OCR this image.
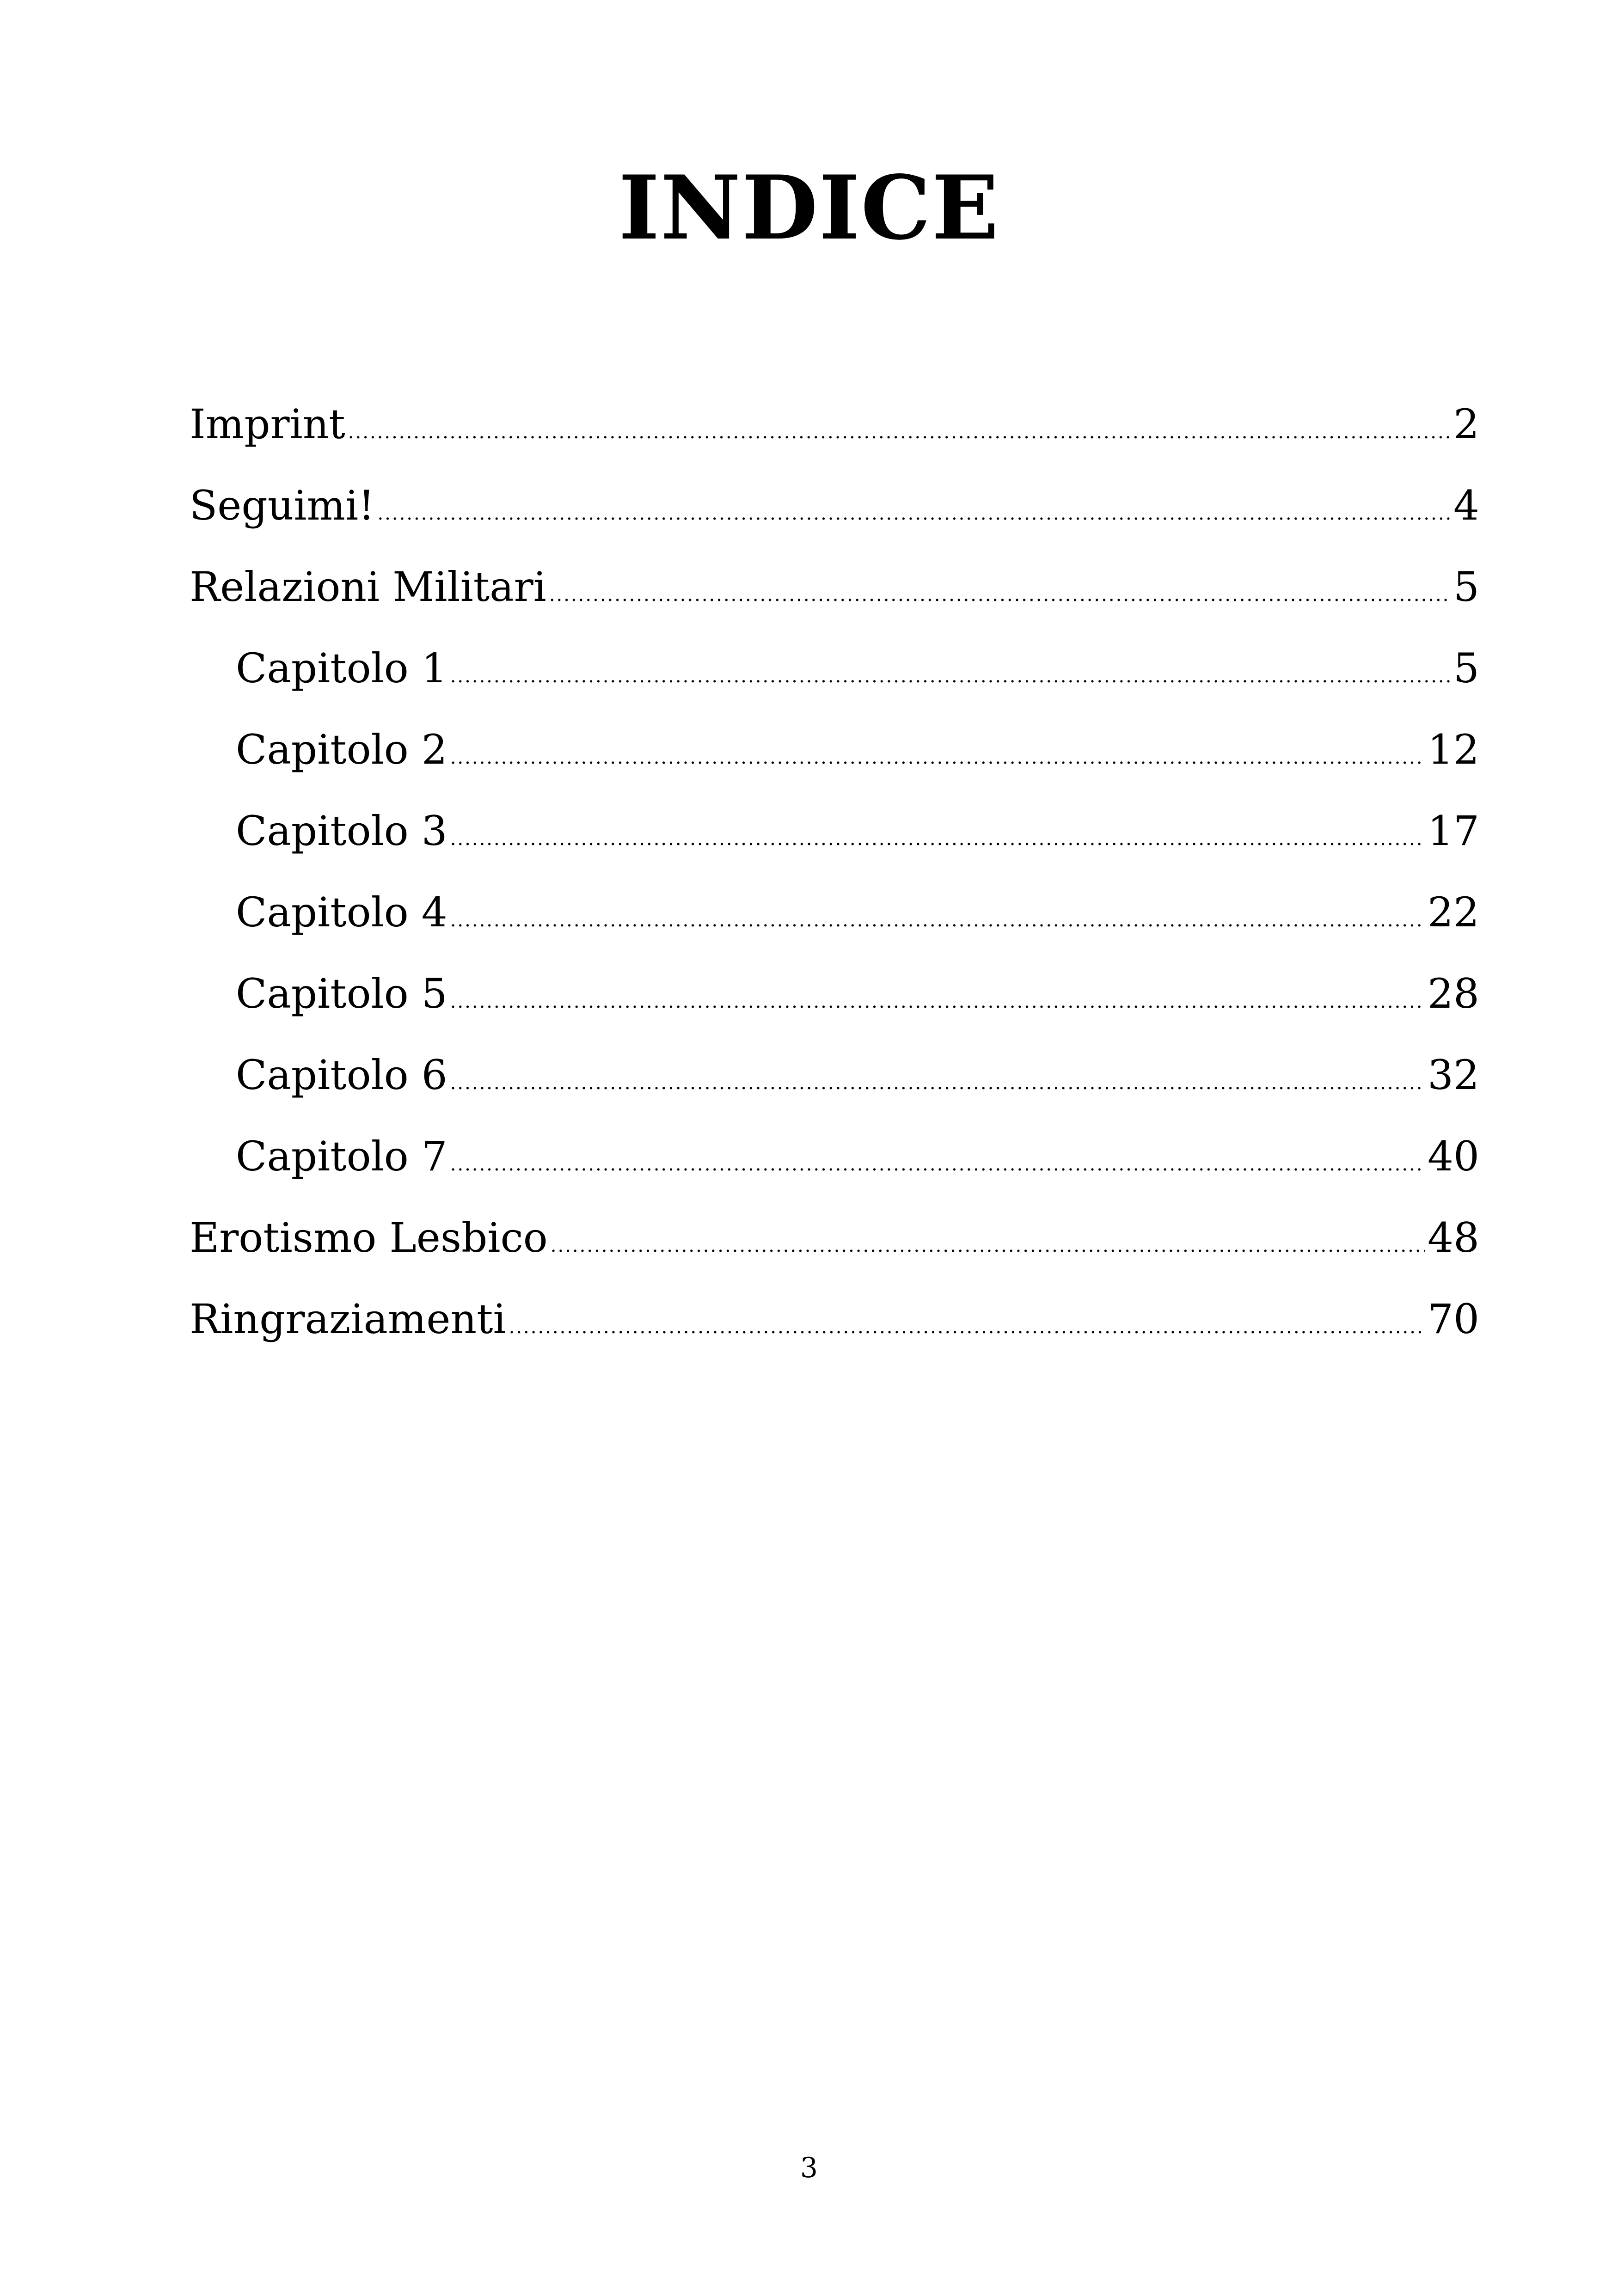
INDICE
Imprint .....	2
Seguimi! .....	4
Relazioni Militari .....	5
Capitolo 1 .....	5
Capitolo 2 .....	12
Capitolo 3 .....	17
Capitolo 4 .....	22
Capitolo 5 .....	28
Capitolo 6 .....	32
Capitolo 7 .....	40
Erotismo Lesbico .....	48
Ringraziamenti .....	70
3
